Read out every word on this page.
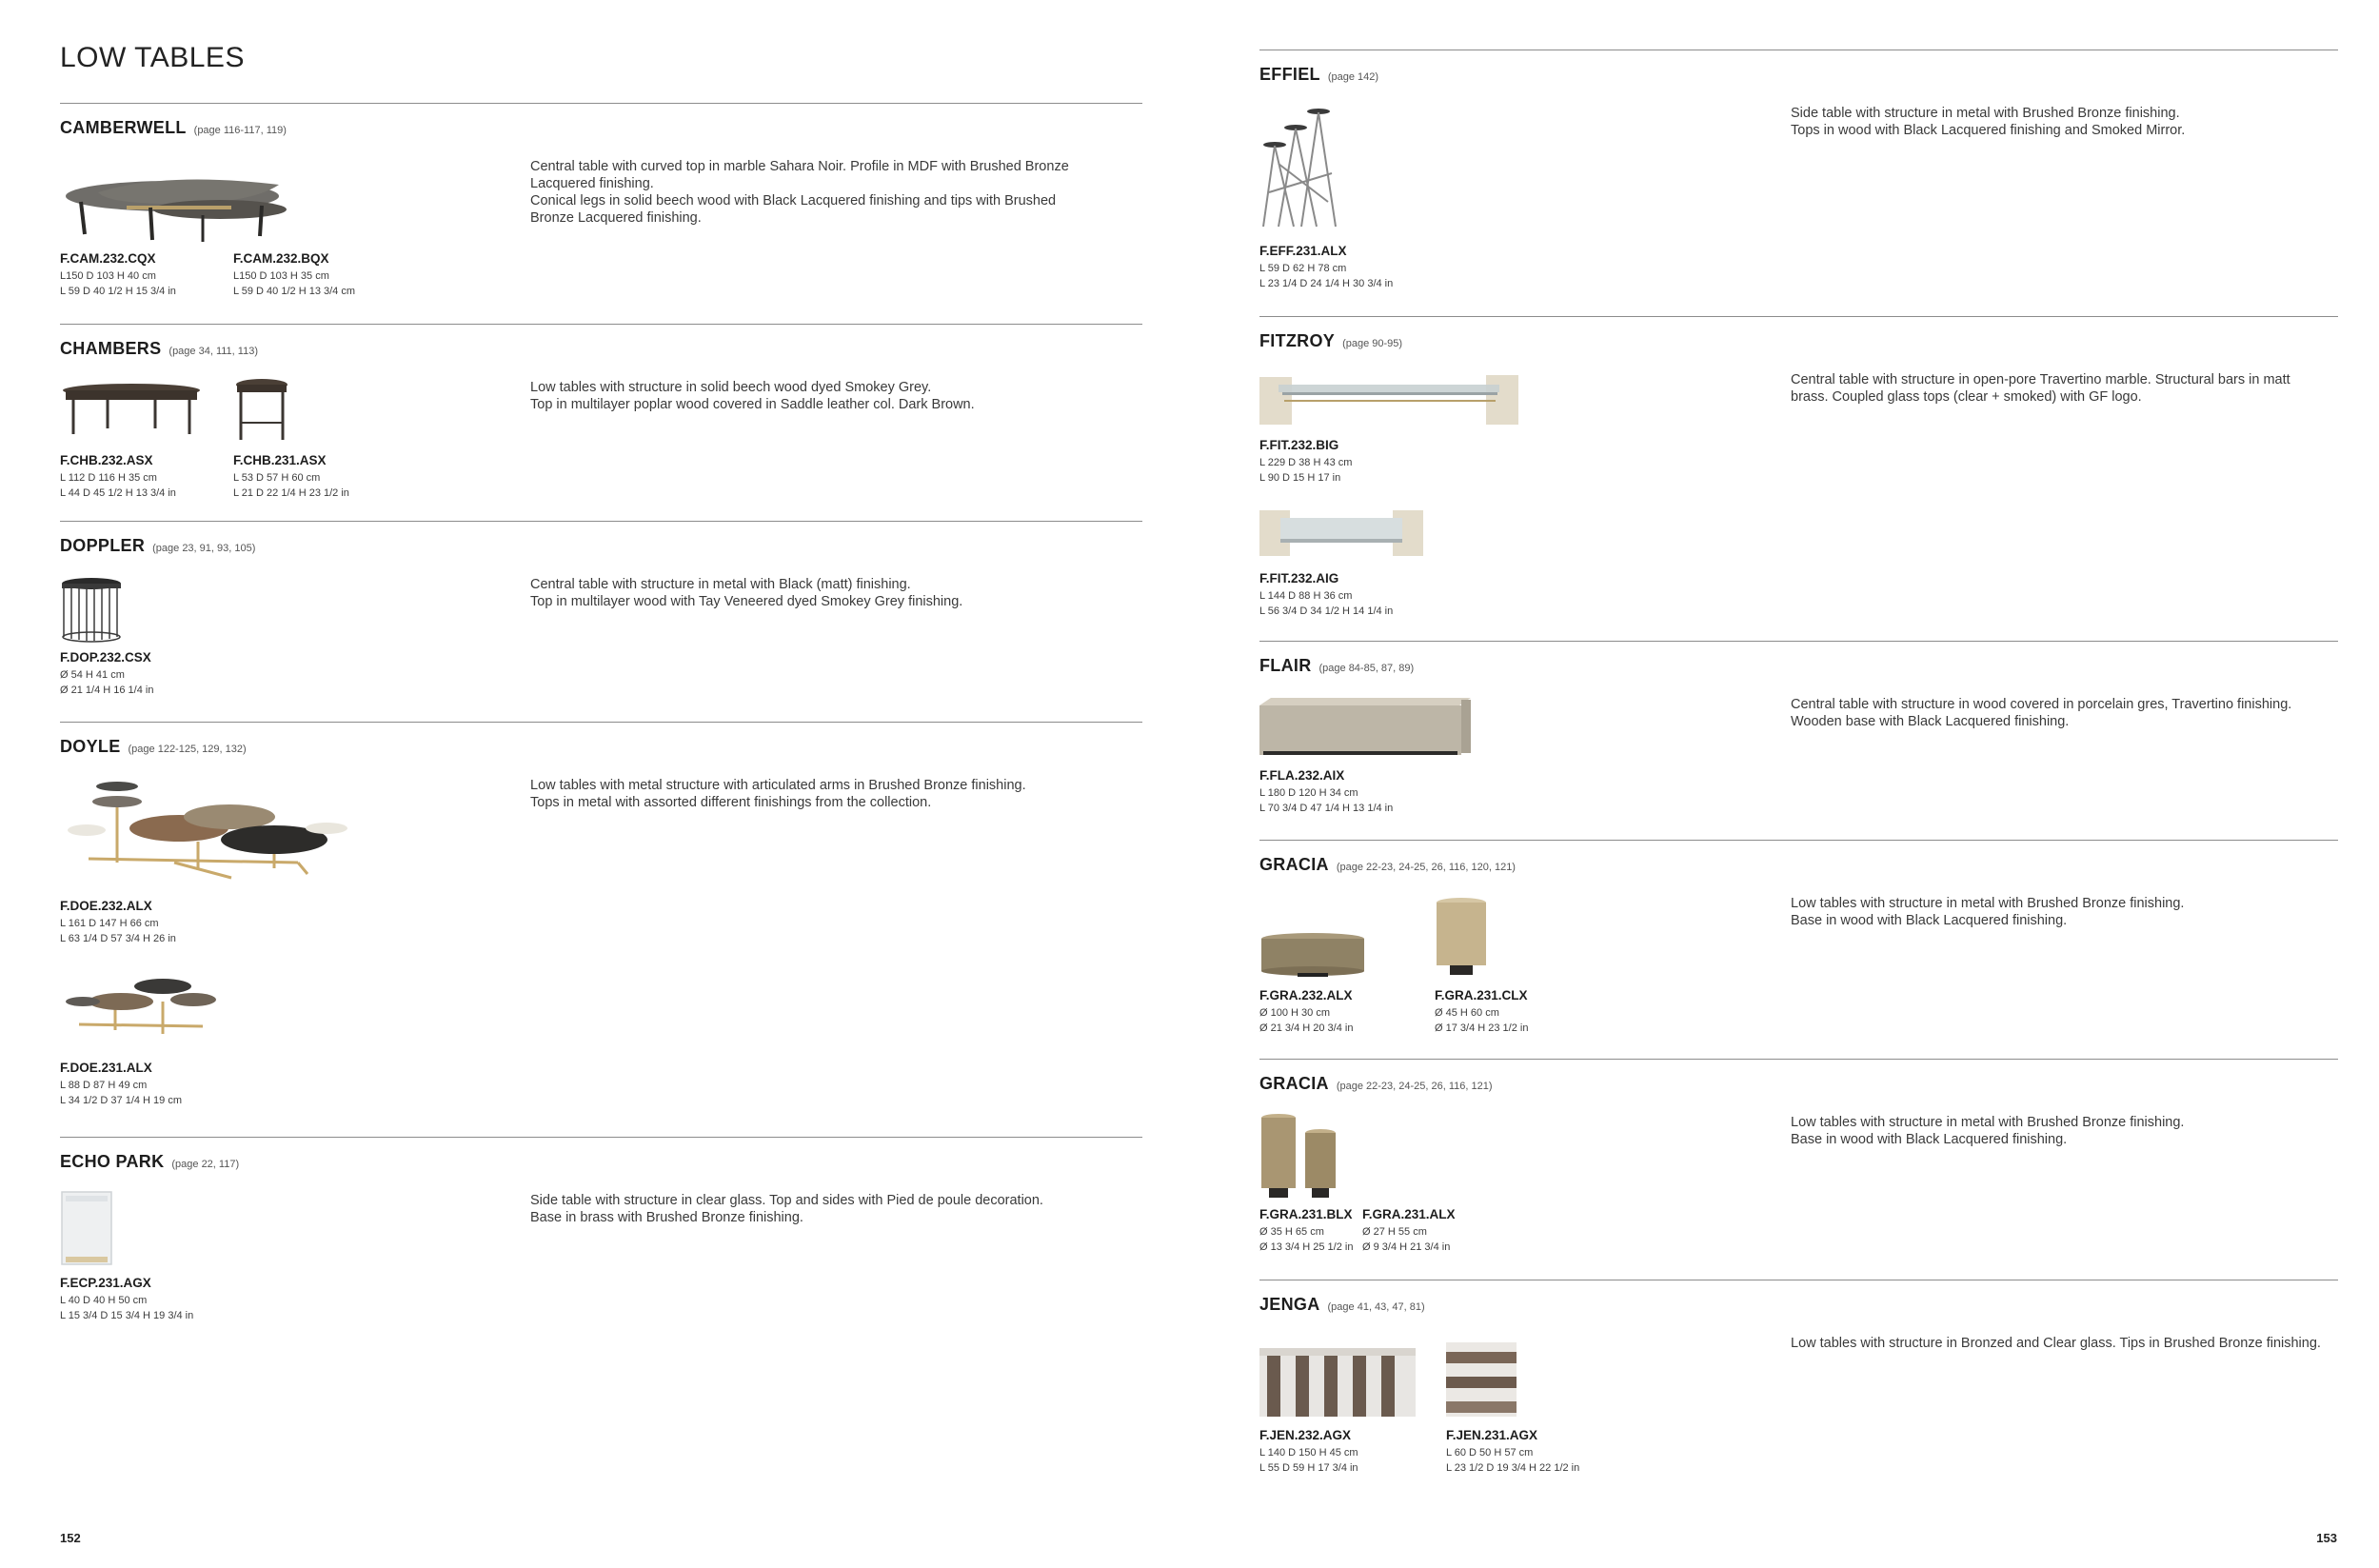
LOW TABLES
CAMBERWELL (page 116-117, 119)
Central table with curved top in marble Sahara Noir. Profile in MDF with Brushed Bronze
Lacquered finishing.
Conical legs in solid beech wood with Black Lacquered finishing and tips with Brushed
Bronze Lacquered finishing.
F.CAM.232.CQX
L150 D 103 H 40 cm
L 59 D 40 1/2 H 15 3/4 in
F.CAM.232.BQX
L150 D 103 H 35 cm
L 59 D 40 1/2 H 13 3/4 cm
CHAMBERS (page 34, 111, 113)
Low tables with structure in solid beech wood dyed Smokey Grey.
Top in multilayer poplar wood covered in Saddle leather col. Dark Brown.
F.CHB.232.ASX
L 112 D 116 H 35 cm
L 44 D 45 1/2 H 13 3/4 in
F.CHB.231.ASX
L 53 D 57 H 60 cm
L 21 D 22 1/4 H 23 1/2 in
DOPPLER (page 23, 91, 93, 105)
Central table with structure in metal with Black (matt) finishing.
Top in multilayer wood with Tay Veneered dyed Smokey Grey finishing.
F.DOP.232.CSX
Ø 54 H 41 cm
Ø 21 1/4 H 16 1/4 in
DOYLE (page 122-125, 129, 132)
Low tables with metal structure with articulated arms in Brushed Bronze finishing.
Tops in metal with assorted different finishings from the collection.
F.DOE.232.ALX
L 161 D 147 H 66 cm
L 63 1/4 D 57 3/4 H 26 in
F.DOE.231.ALX
L 88 D 87 H 49 cm
L 34 1/2 D 37 1/4 H 19 cm
ECHO PARK (page 22, 117)
Side table with structure in clear glass. Top and sides with Pied de poule decoration.
Base in brass with Brushed Bronze finishing.
F.ECP.231.AGX
L 40 D 40 H 50 cm
L 15 3/4 D 15 3/4 H 19 3/4 in
152
EFFIEL (page 142)
Side table with structure in metal with Brushed Bronze finishing.
Tops in wood with Black Lacquered finishing and Smoked Mirror.
F.EFF.231.ALX
L 59 D 62 H 78 cm
L 23 1/4 D 24 1/4 H 30 3/4 in
FITZROY (page 90-95)
Central table with structure in open-pore Travertino marble. Structural bars in matt
brass. Coupled glass tops (clear + smoked) with GF logo.
F.FIT.232.BIG
L 229 D 38 H 43 cm
L 90 D 15 H 17 in
F.FIT.232.AIG
L 144 D 88 H 36 cm
L 56 3/4 D 34 1/2 H 14 1/4 in
FLAIR (page 84-85, 87, 89)
Central table with structure in wood covered in porcelain gres, Travertino finishing.
Wooden base with Black Lacquered finishing.
F.FLA.232.AIX
L 180 D 120 H 34 cm
L 70 3/4 D 47 1/4 H 13 1/4 in
GRACIA (page 22-23, 24-25, 26, 116, 120, 121)
Low tables with structure in metal with Brushed Bronze finishing.
Base in wood with Black Lacquered finishing.
F.GRA.232.ALX
Ø 100 H 30 cm
Ø 21 3/4 H 20 3/4 in
F.GRA.231.CLX
Ø 45 H 60 cm
Ø 17 3/4 H 23 1/2 in
GRACIA (page 22-23, 24-25, 26, 116, 121)
Low tables with structure in metal with Brushed Bronze finishing.
Base in wood with Black Lacquered finishing.
F.GRA.231.BLX
Ø 35 H 65 cm
Ø 13 3/4 H 25 1/2 in
F.GRA.231.ALX
Ø 27 H 55 cm
Ø 9 3/4 H 21 3/4 in
JENGA (page 41, 43, 47, 81)
Low tables with structure in Bronzed and Clear glass. Tips in Brushed Bronze finishing.
F.JEN.232.AGX
L 140 D 150 H 45 cm
L 55 D 59 H 17 3/4 in
F.JEN.231.AGX
L 60 D 50 H 57 cm
L 23 1/2 D 19 3/4 H 22 1/2 in
153
